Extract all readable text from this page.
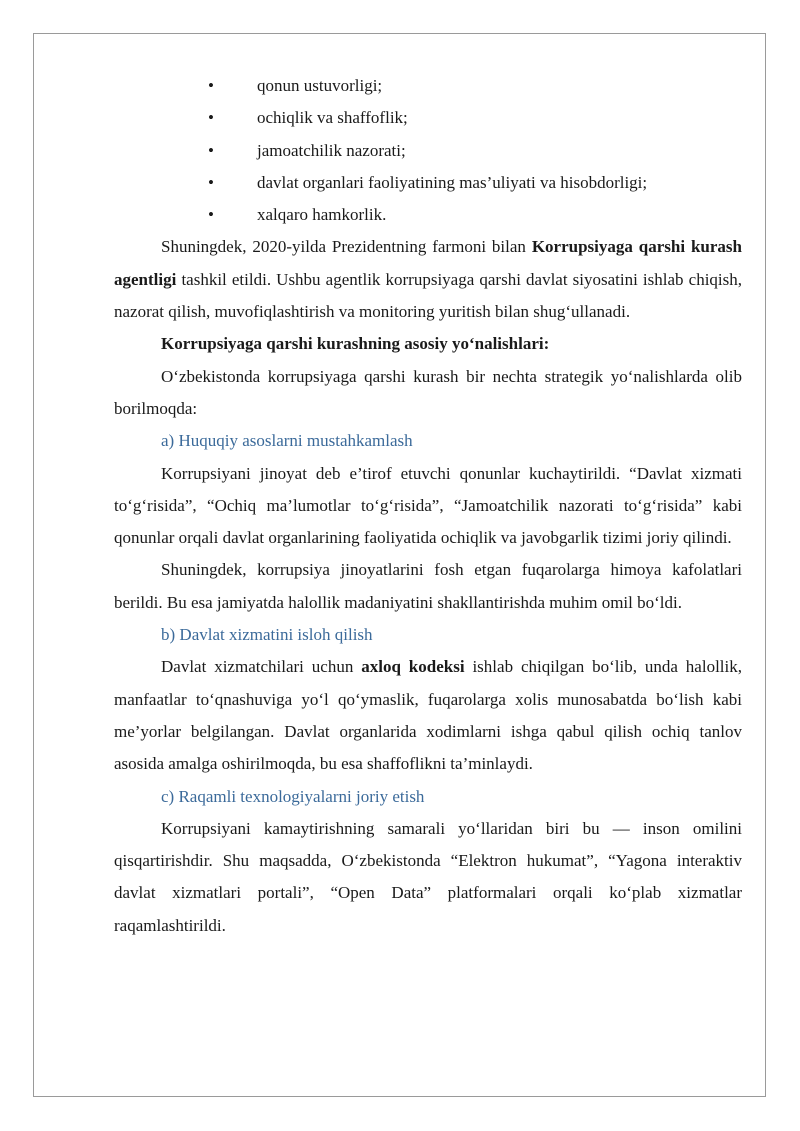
•	qonun ustuvorligi;
•	ochiqlik va shaffoflik;
•	jamoatchilik nazorati;
•	davlat organlari faoliyatining mas’uliyati va hisobdorligi;
•	xalqaro hamkorlik.

Shuningdek, 2020-yilda Prezidentning farmoni bilan Korrupsiyaga qarshi kurash agentligi tashkil etildi. Ushbu agentlik korrupsiyaga qarshi davlat siyosatini ishlab chiqish, nazorat qilish, muvofiqlashtirish va monitoring yuritish bilan shug‘ullanadi.

Korrupsiyaga qarshi kurashning asosiy yo‘nalishlari:

O‘zbekistonda korrupsiyaga qarshi kurash bir nechta strategik yo‘nalishlarda olib borilmoqda:

a) Huquqiy asoslarni mustahkamlash

Korrupsiyani jinoyat deb e’tirof etuvchi qonunlar kuchaytirildi. “Davlat xizmati to‘g‘risida”, “Ochiq ma’lumotlar to‘g‘risida”, “Jamoatchilik nazorati to‘g‘risida” kabi qonunlar orqali davlat organlarining faoliyatida ochiqlik va javobgarlik tizimi joriy qilindi.

Shuningdek, korrupsiya jinoyatlarini fosh etgan fuqarolarga himoya kafolatlari berildi. Bu esa jamiyatda halollik madaniyatini shakllantirishda muhim omil bo‘ldi.

b) Davlat xizmatini isloh qilish

Davlat xizmatchilari uchun axloq kodeksi ishlab chiqilgan bo‘lib, unda halollik, manfaatlar to‘qnashuviga yo‘l qo‘ymaslik, fuqarolarga xolis munosabatda bo‘lish kabi me’yorlar belgilangan. Davlat organlarida xodimlarni ishga qabul qilish ochiq tanlov asosida amalga oshirilmoqda, bu esa shaffoflikni ta’minlaydi.

c) Raqamli texnologiyalarni joriy etish

Korrupsiyani kamaytirishning samarali yo‘llaridan biri bu — inson omilini qisqartirishdir. Shu maqsadda, O‘zbekistonda “Elektron hukumat”, “Yagona interaktiv davlat xizmatlari portali”, “Open Data” platformalari orqali ko‘plab xizmatlar raqamlashtirildi.
